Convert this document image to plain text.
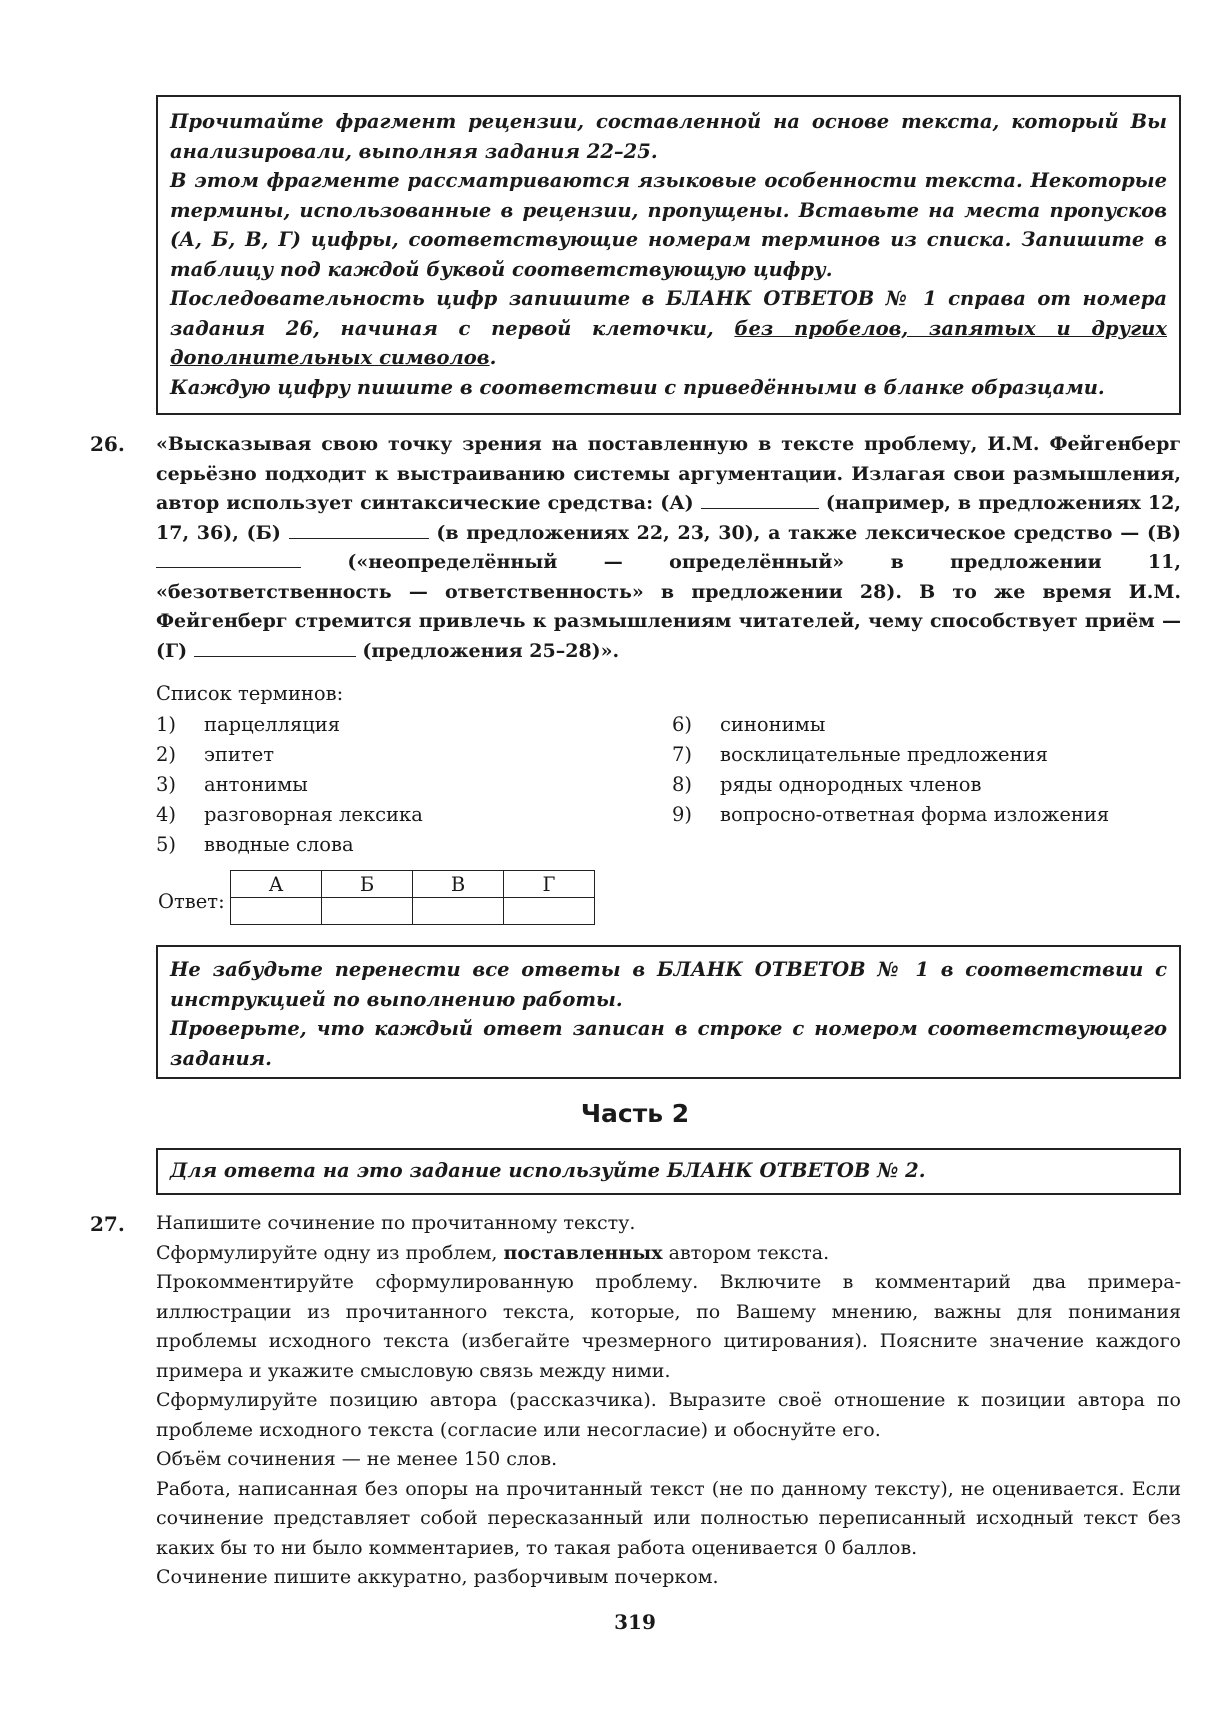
Прочитайте фрагмент рецензии, составленной на основе текста, который Вы анализировали, выполняя задания 22–25.

В этом фрагменте рассматриваются языковые особенности текста. Некоторые термины, использованные в рецензии, пропущены. Вставьте на места пропусков (А, Б, В, Г) цифры, соответствующие номерам терминов из списка. Запишите в таблицу под каждой буквой соответствующую цифру.

Последовательность цифр запишите в БЛАНК ОТВЕТОВ № 1 справа от номера задания 26, начиная с первой клеточки, без пробелов, запятых и других дополнительных символов.

Каждую цифру пишите в соответствии с приведёнными в бланке образцами.

26. «Высказывая свою точку зрения на поставленную в тексте проблему, И.М. Фейгенберг серьёзно подходит к выстраиванию системы аргументации. Излагая свои размышления, автор использует синтаксические средства: (А)	(например, в предложениях 12, 17, 36), (Б)	(в предложениях 22, 23, 30), а также лексическое средство — (В)  («неопределённый — определённый» в предложении 11, «безответственность — ответственность» в предложении 28). В то же время И.М. Фейгенберг стремится привлечь к размышлениям читателей, чему способствует приём — (Г)	(предложения 25–28)».

Список терминов:
1) парцелляция
2) эпитет
3) антонимы
4) разговорная лексика
5) вводные слова
6) синонимы
7) восклицательные предложения
8) ряды однородных членов
9) вопросно-ответная форма изложения
Ответ:
А	Б	В	Г

Не забудьте перенести все ответы в БЛАНК ОТВЕТОВ № 1 в соответствии с инструкцией по выполнению работы.

Проверьте, что каждый ответ записан в строке с номером соответствующего задания.

Часть 2

Для ответа на это задание используйте БЛАНК ОТВЕТОВ № 2.

27. Напишите сочинение по прочитанному тексту.

Сформулируйте одну из проблем, поставленных автором текста.

Прокомментируйте сформулированную проблему. Включите в комментарий два примера-иллюстрации из прочитанного текста, которые, по Вашему мнению, важны для понимания проблемы исходного текста (избегайте чрезмерного цитирования). Поясните значение каждого примера и укажите смысловую связь между ними.

Сформулируйте позицию автора (рассказчика). Выразите своё отношение к позиции автора по проблеме исходного текста (согласие или несогласие) и обоснуйте его.

Объём сочинения — не менее 150 слов.

Работа, написанная без опоры на прочитанный текст (не по данному тексту), не оценивается. Если сочинение представляет собой пересказанный или полностью переписанный исходный текст без каких бы то ни было комментариев, то такая работа оценивается 0 баллов.

Сочинение пишите аккуратно, разборчивым почерком.

319
